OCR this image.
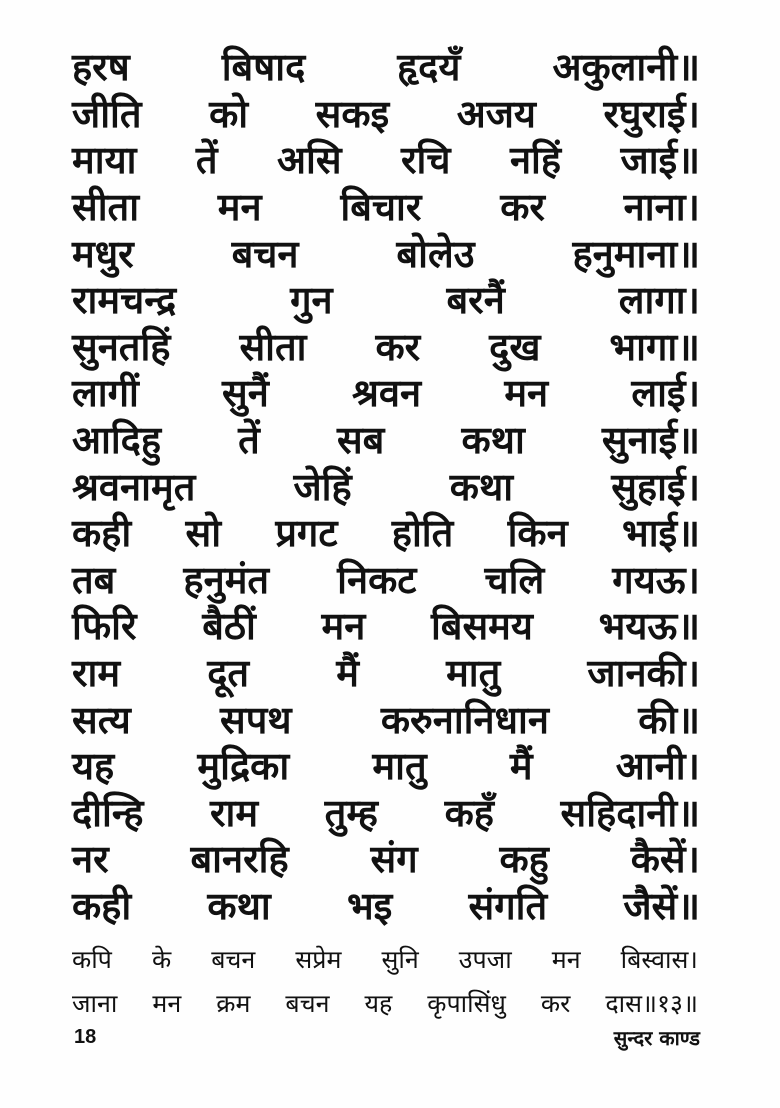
हरष बिषाद हृदयँ अकुलानी॥
जीति को सकइ अजय रघुराई।
माया तें असि रचि नहिं जाई॥
सीता मन बिचार कर नाना।
मधुर	बचन	बोलेउ	हनुमाना॥
रामचन्द्र	गुन	बरनैं	लागा।
सुनतहिं सीता कर दुख भागा॥
लागीं सुनैं श्रवन मन लाई।
आदिहु तें सब कथा सुनाई॥
श्रवनामृत	जेहिं	कथा	सुहाई।
कही सो प्रगट होति किन भाई॥
तब हनुमंत निकट चलि गयऊ।
फिरि बैठीं मन बिसमय भयऊ॥
राम दूत मैं मातु जानकी।
सत्य सपथ करुनानिधान की॥
यह मुद्रिका मातु मैं आनी।
दीन्हि राम तुम्ह कहँ सहिदानी॥
नर बानरहि संग कहु कैसें।
कही कथा भइ संगति जैसें॥
कपि के बचन सप्रेम सुनि उपजा मन बिस्वास।
जाना मन क्रम बचन यह कृपासिंधु कर दास॥१३॥
18	सुन्दर काण्ड
